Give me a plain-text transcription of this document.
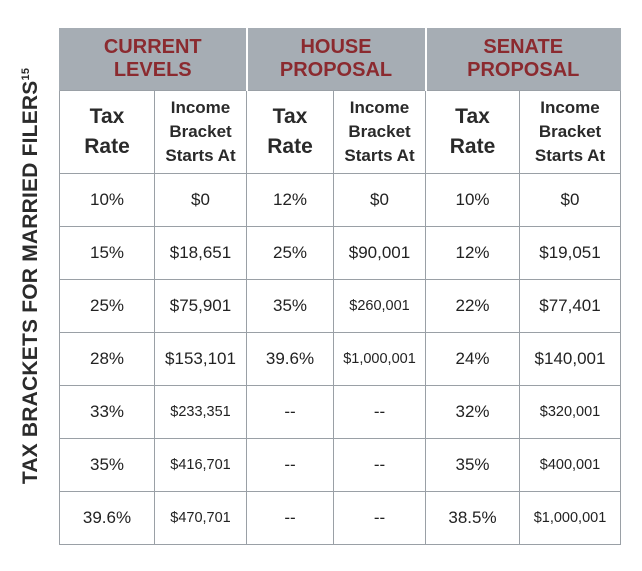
TAX BRACKETS FOR MARRIED FILERS$^{15}$
CURRENT LEVELS		HOUSE PROPOSAL		SENATE PROPOSAL	
Tax Rate	Income Bracket Starts At	Tax Rate	Income Bracket Starts At	Tax Rate	Income Bracket Starts At
10%	$0	12%	$0	10%	$0
15%	$18,651	25%	$90,001	12%	$19,051
25%	$75,901	35%	$260,001	22%	$77,401
28%	$153,101	39.6%	$1,000,001	24%	$140,001
33%	$233,351	--	--	32%	$320,001
35%	$416,701	--	--	35%	$400,001
39.6%	$470,701	--	--	38.5%	$1,000,001
